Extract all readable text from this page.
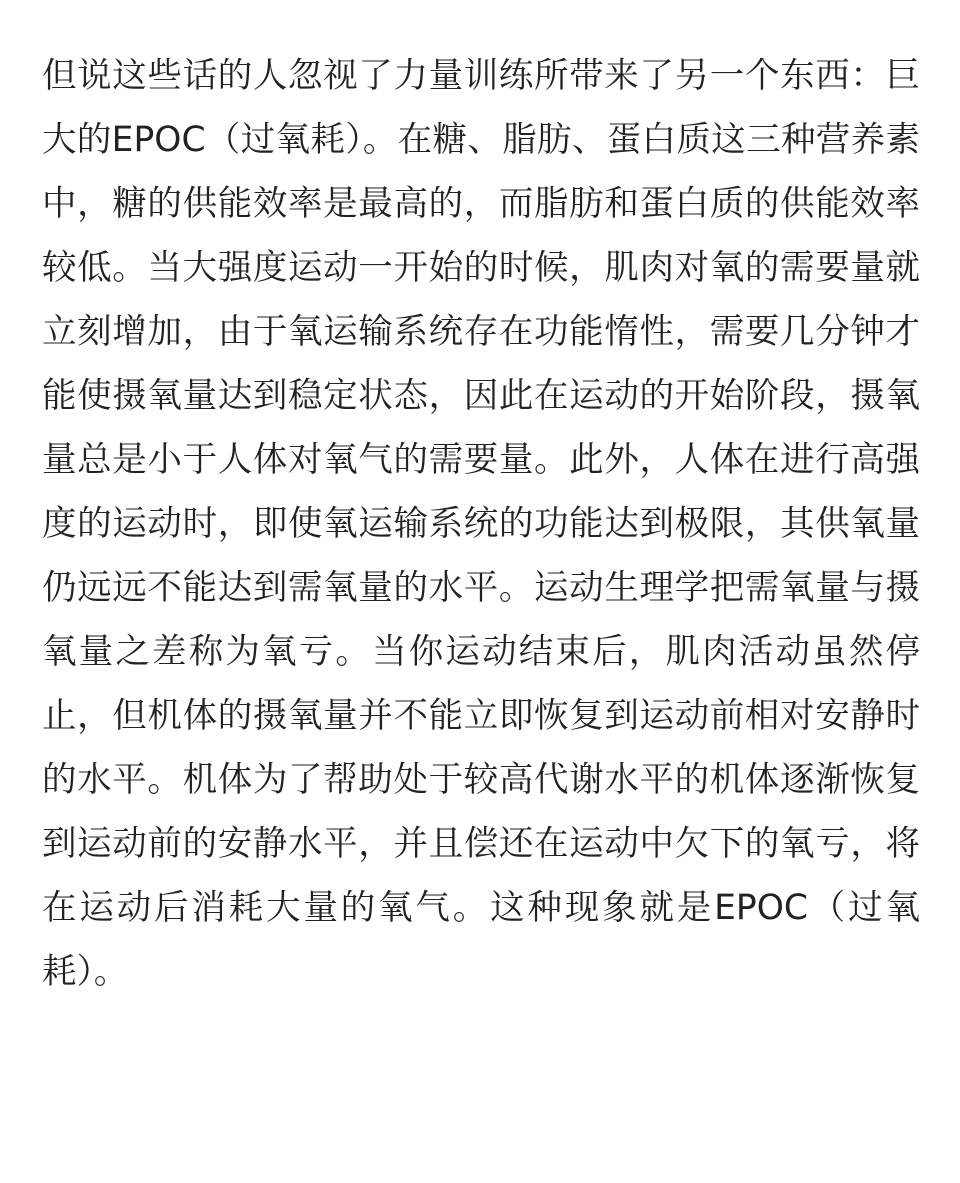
但说这些话的人忽视了力量训练所带来了另一个东西：巨
大的EPOC（过氧耗）。在糖、脂肪、蛋白质这三种营养素
中，糖的供能效率是最高的，而脂肪和蛋白质的供能效率
较低。当大强度运动一开始的时候，肌肉对氧的需要量就
立刻增加，由于氧运输系统存在功能惰性，需要几分钟才
能使摄氧量达到稳定状态，因此在运动的开始阶段，摄氧
量总是小于人体对氧气的需要量。此外，人体在进行高强
度的运动时，即使氧运输系统的功能达到极限，其供氧量
仍远远不能达到需氧量的水平。运动生理学把需氧量与摄
氧量之差称为氧亏。当你运动结束后，肌肉活动虽然停
止，但机体的摄氧量并不能立即恢复到运动前相对安静时
的水平。机体为了帮助处于较高代谢水平的机体逐渐恢复
到运动前的安静水平，并且偿还在运动中欠下的氧亏，将
在运动后消耗大量的氧气。这种现象就是EPOC（过氧
耗）。
